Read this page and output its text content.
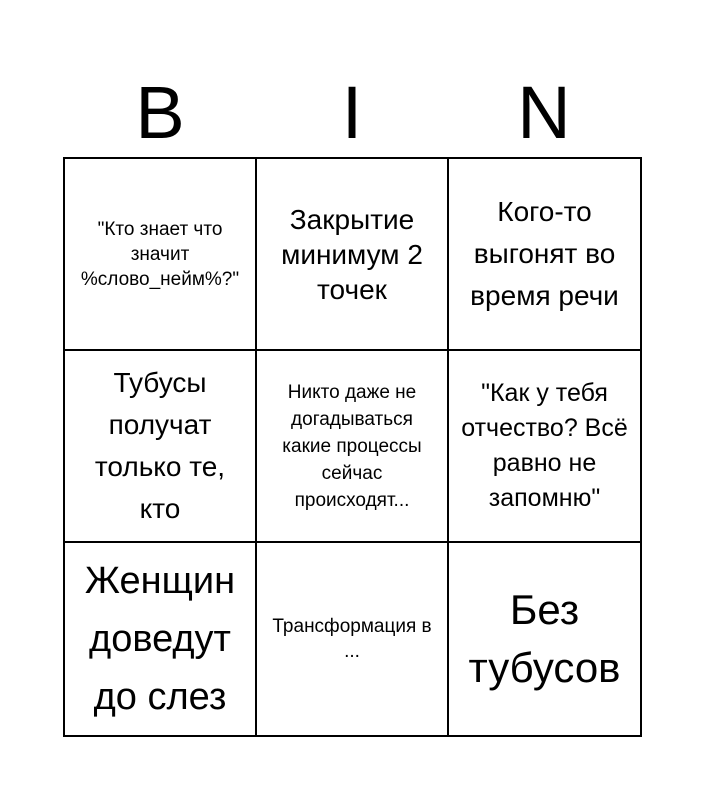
B	I	N
"Кто знает что значит %слово_нейм%?"
Закрытие минимум 2 точек
Кого-то выгонят во время речи
Тубусы получат только те, кто
Никто даже не догадываться какие процессы сейчас происходят...
"Как у тебя отчество? Всё равно не запомню"
Женщин доведут до слез
Трансформация в ...
Без тубусов
